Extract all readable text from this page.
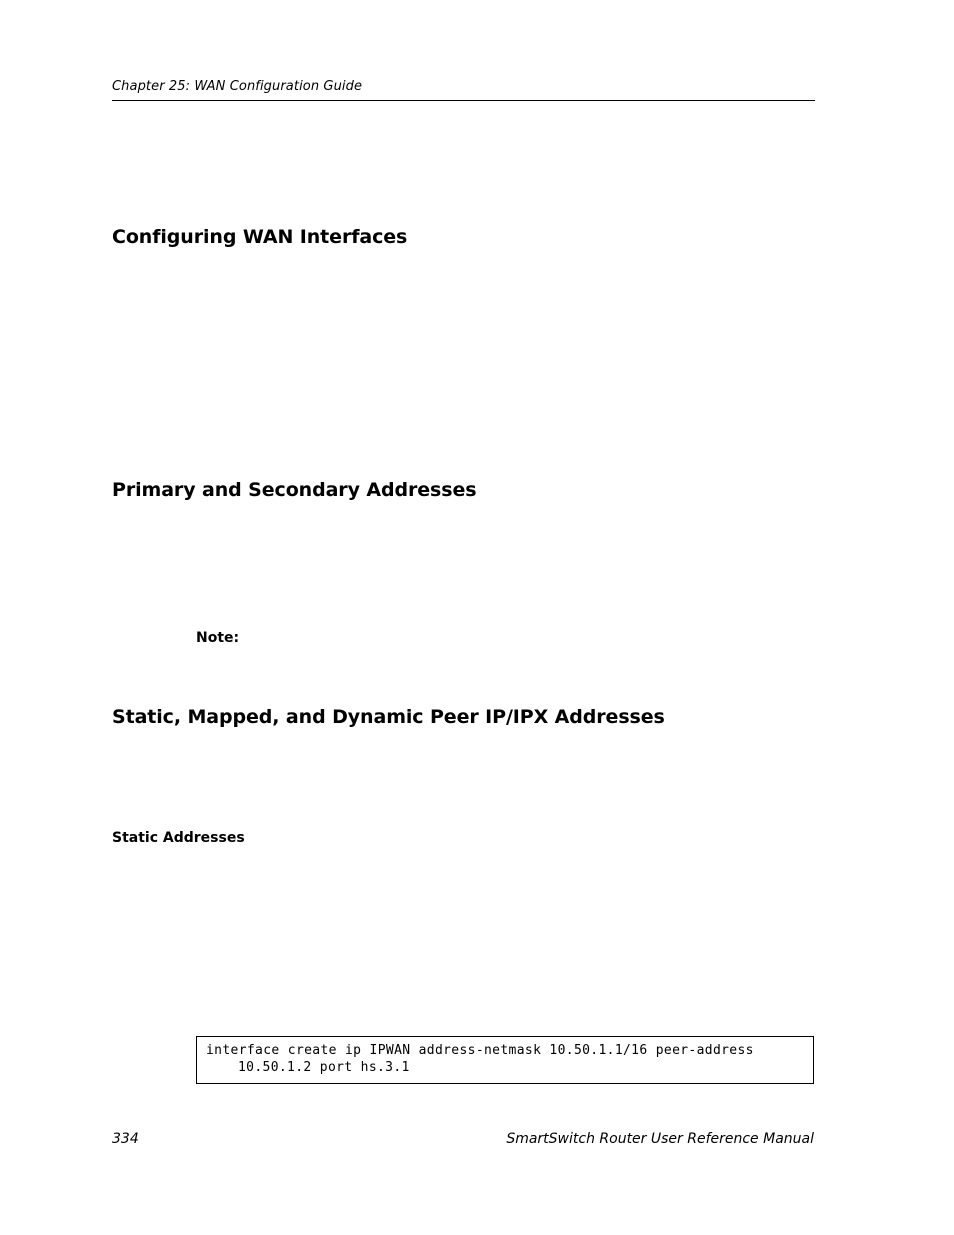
Chapter 25: WAN Configuration Guide
Configuring WAN Interfaces
Primary and Secondary Addresses
Note:
Static, Mapped, and Dynamic Peer IP/IPX Addresses
Static Addresses
interface create ip IPWAN address-netmask 10.50.1.1/16 peer-address
10.50.1.2 port hs.3.1
334	SmartSwitch Router User Reference Manual
